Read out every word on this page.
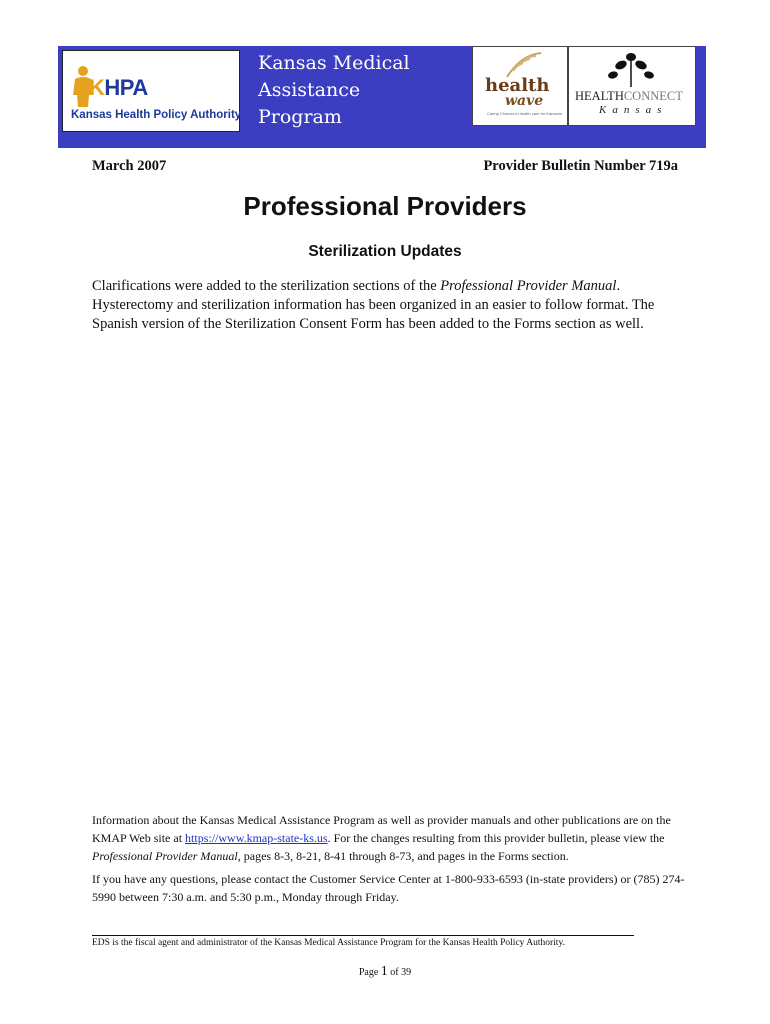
KHPA
Kansas Health Policy Authority
Kansas Medical
Assistance
Program
health
wave
Caring Choices in health care for Kansans
HEALTHCONNECT
Kansas
March 2007	Provider Bulletin Number 719a
Professional Providers
Sterilization Updates

Clarifications were added to the sterilization sections of the Professional Provider Manual. Hysterectomy and sterilization information has been organized in an easier to follow format. The Spanish version of the Sterilization Consent Form has been added to the Forms section as well.

Information about the Kansas Medical Assistance Program as well as provider manuals and other publications are on the KMAP Web site at https://www.kmap-state-ks.us. For the changes resulting from this provider bulletin, please view the Professional Provider Manual, pages 8-3, 8-21, 8-41 through 8-73, and pages in the Forms section.

If you have any questions, please contact the Customer Service Center at 1-800-933-6593 (in-state providers) or (785) 274-5990 between 7:30 a.m. and 5:30 p.m., Monday through Friday.

EDS is the fiscal agent and administrator of the Kansas Medical Assistance Program for the Kansas Health Policy Authority.
Page 1 of 39
